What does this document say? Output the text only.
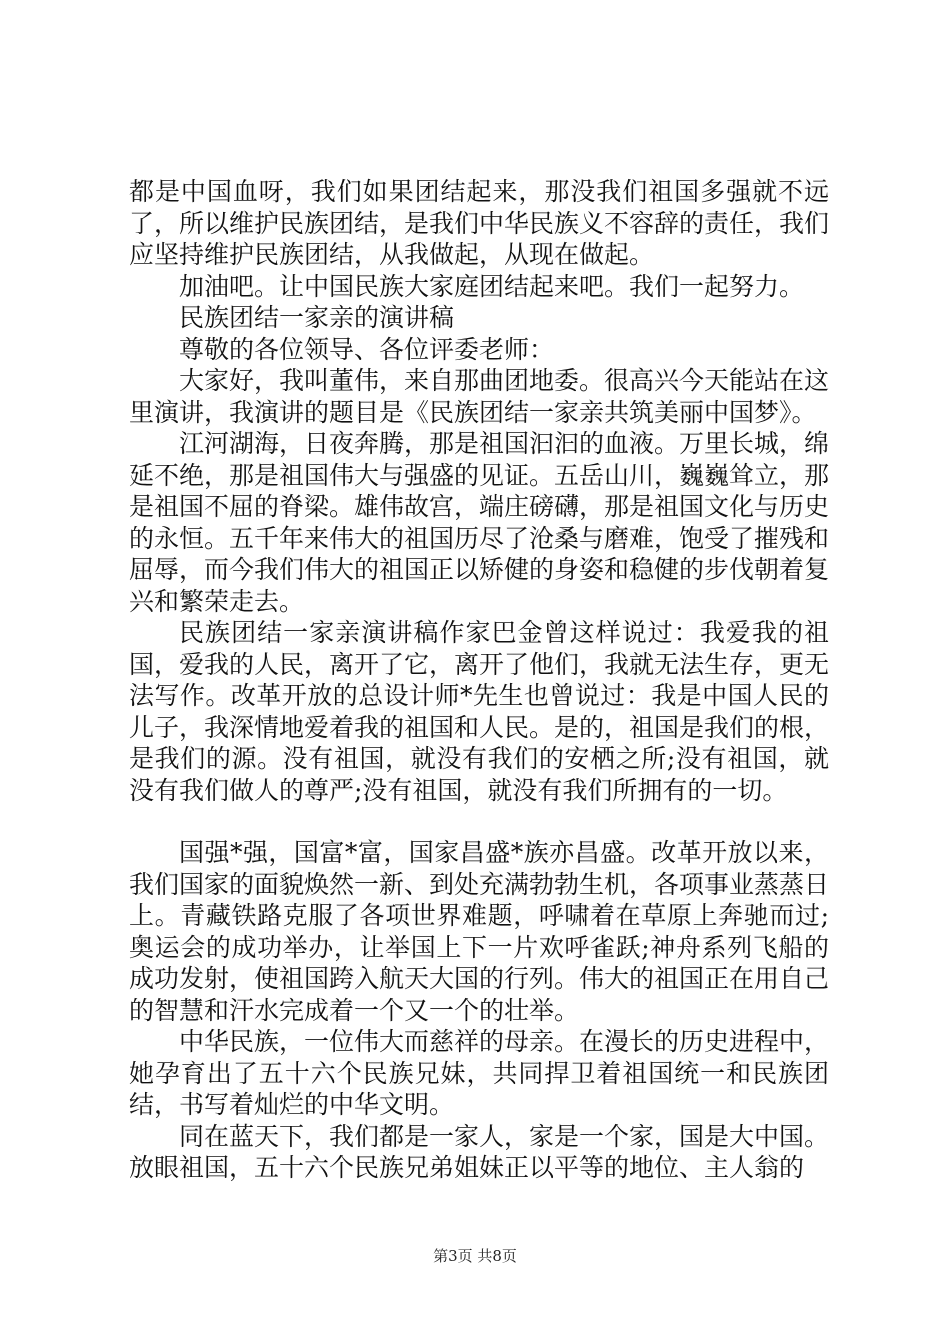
都是中国血呀，我们如果团结起来，那没我们祖国多强就不远了，所以维护民族团结，是我们中华民族义不容辞的责任，我们应坚持维护民族团结，从我做起，从现在做起。

加油吧。让中国民族大家庭团结起来吧。我们一起努力。

民族团结一家亲的演讲稿

尊敬的各位领导、各位评委老师：

大家好，我叫董伟，来自那曲团地委。很高兴今天能站在这里演讲，我演讲的题目是《民族团结一家亲共筑美丽中国梦》。

江河湖海，日夜奔腾，那是祖国汩汩的血液。万里长城，绵延不绝，那是祖国伟大与强盛的见证。五岳山川，巍巍耸立，那是祖国不屈的脊梁。雄伟故宫，端庄磅礴，那是祖国文化与历史的永恒。五千年来伟大的祖国历尽了沧桑与磨难，饱受了摧残和屈辱，而今我们伟大的祖国正以矫健的身姿和稳健的步伐朝着复兴和繁荣走去。

民族团结一家亲演讲稿作家巴金曾这样说过：我爱我的祖国，爱我的人民，离开了它，离开了他们，我就无法生存，更无法写作。改革开放的总设计师*先生也曾说过：我是中国人民的儿子，我深情地爱着我的祖国和人民。是的，祖国是我们的根，是我们的源。没有祖国，就没有我们的安栖之所;没有祖国，就没有我们做人的尊严;没有祖国，就没有我们所拥有的一切。

国强*强，国富*富，国家昌盛*族亦昌盛。改革开放以来，我们国家的面貌焕然一新、到处充满勃勃生机，各项事业蒸蒸日上。青藏铁路克服了各项世界难题，呼啸着在草原上奔驰而过;奥运会的成功举办，让举国上下一片欢呼雀跃;神舟系列飞船的成功发射，使祖国跨入航天大国的行列。伟大的祖国正在用自己的智慧和汗水完成着一个又一个的壮举。

中华民族，一位伟大而慈祥的母亲。在漫长的历史进程中，她孕育出了五十六个民族兄妹，共同捍卫着祖国统一和民族团结，书写着灿烂的中华文明。

同在蓝天下，我们都是一家人，家是一个家，国是大中国。放眼祖国，五十六个民族兄弟姐妹正以平等的地位、主人翁的

第3页 共8页
